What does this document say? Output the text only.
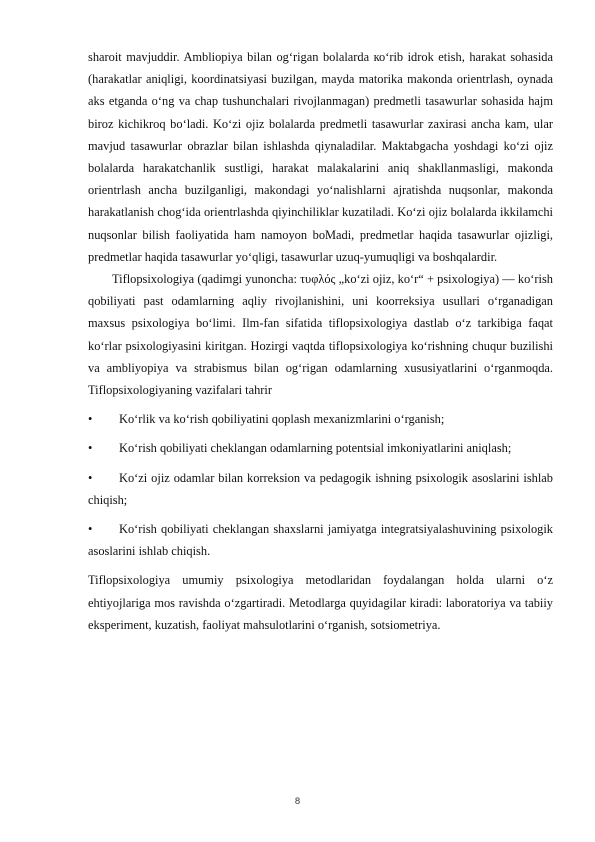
sharoit mavjuddir. Ambliopiya bilan og‘rigan bolalarda ко‘rib idrok etish, harakat sohasida (harakatlar aniqligi, koordinatsiyasi buzilgan, mayda matorika makonda orientrlash, oynada aks etganda o‘ng va chap tushunchalari rivojlanmagan) predmetli tasawurlar sohasida hajm biroz kichikroq bo‘ladi. Ko‘zi ojiz bolalarda predmetli tasawurlar zaxirasi ancha kam, ular mavjud tasawurlar obrazlar bilan ishlashda qiynaladilar. Maktabgacha yoshdagi ko‘zi ojiz bolalarda harakatchanlik sustligi, harakat malakalarini aniq shakllanmasligi, makonda orientrlash ancha buzilganligi, makondagi yo‘nalishlarni ajratishda nuqsonlar, makonda harakatlanish chog‘ida orientrlashda qiyinchiliklar kuzatiladi. Ko‘zi ojiz bolalarda ikkilamchi nuqsonlar bilish faoliyatida ham namoyon boMadi, predmetlar haqida tasawurlar ojizligi, predmetlar haqida tasawurlar yo‘qligi, tasawurlar uzuq-yumuqligi va boshqalardir.

Tiflopsixologiya (qadimgi yunoncha: τυφλός „ko‘zi ojiz, ko‘r“ + psixologiya) — ko‘rish qobiliyati past odamlarning aqliy rivojlanishini, uni koorreksiya usullari o‘rganadigan maxsus psixologiya bo‘limi. Ilm-fan sifatida tiflopsixologiya dastlab o‘z tarkibiga faqat ko‘rlar psixologiyasini kiritgan. Hozirgi vaqtda tiflopsixologiya ko‘rishning chuqur buzilishi va ambliyopiya va strabismus bilan og‘rigan odamlarning xususiyatlarini o‘rganmoqda. Tiflopsixologiyaning vazifalari tahrir

• Ko‘rlik va ko‘rish qobiliyatini qoplash mexanizmlarini o‘rganish;
• Ko‘rish qobiliyati cheklangan odamlarning potentsial imkoniyatlarini aniqlash;
• Ko‘zi ojiz odamlar bilan korreksion va pedagogik ishning psixologik asoslarini ishlab chiqish;
• Ko‘rish qobiliyati cheklangan shaxslarni jamiyatga integratsiyalashuvining psixologik asoslarini ishlab chiqish.

Tiflopsixologiya umumiy psixologiya metodlaridan foydalangan holda ularni o‘z ehtiyojlariga mos ravishda o‘zgartiradi. Metodlarga quyidagilar kiradi: laboratoriya va tabiiy eksperiment, kuzatish, faoliyat mahsulotlarini o‘rganish, sotsiometriya.

8
